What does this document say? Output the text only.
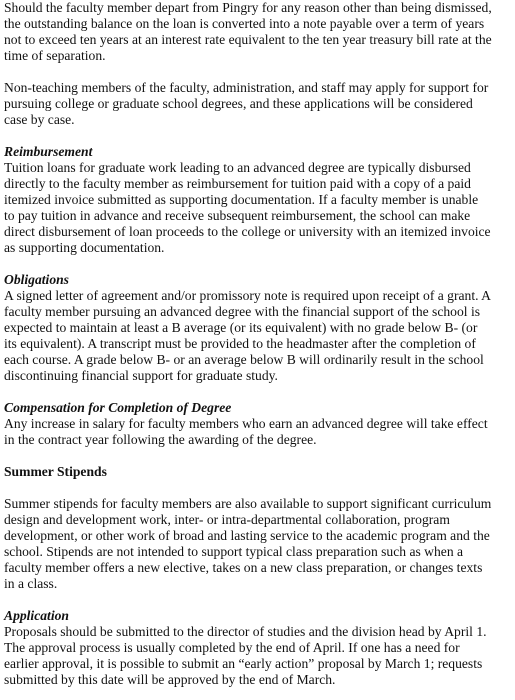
Should the faculty member depart from Pingry for any reason other than being dismissed,
the outstanding balance on the loan is converted into a note payable over a term of years
not to exceed ten years at an interest rate equivalent to the ten year treasury bill rate at the
time of separation.
Non-teaching members of the faculty, administration, and staff may apply for support for
pursuing college or graduate school degrees, and these applications will be considered
case by case.
Reimbursement
Tuition loans for graduate work leading to an advanced degree are typically disbursed
directly to the faculty member as reimbursement for tuition paid with a copy of a paid
itemized invoice submitted as supporting documentation. If a faculty member is unable
to pay tuition in advance and receive subsequent reimbursement, the school can make
direct disbursement of loan proceeds to the college or university with an itemized invoice
as supporting documentation.
Obligations
A signed letter of agreement and/or promissory note is required upon receipt of a grant. A
faculty member pursuing an advanced degree with the financial support of the school is
expected to maintain at least a B average (or its equivalent) with no grade below B- (or
its equivalent). A transcript must be provided to the headmaster after the completion of
each course. A grade below B- or an average below B will ordinarily result in the school
discontinuing financial support for graduate study.
Compensation for Completion of Degree
Any increase in salary for faculty members who earn an advanced degree will take effect
in the contract year following the awarding of the degree.
Summer Stipends
Summer stipends for faculty members are also available to support significant curriculum
design and development work, inter- or intra-departmental collaboration, program
development, or other work of broad and lasting service to the academic program and the
school. Stipends are not intended to support typical class preparation such as when a
faculty member offers a new elective, takes on a new class preparation, or changes texts
in a class.
Application
Proposals should be submitted to the director of studies and the division head by April 1.
The approval process is usually completed by the end of April. If one has a need for
earlier approval, it is possible to submit an “early action” proposal by March 1; requests
submitted by this date will be approved by the end of March.
